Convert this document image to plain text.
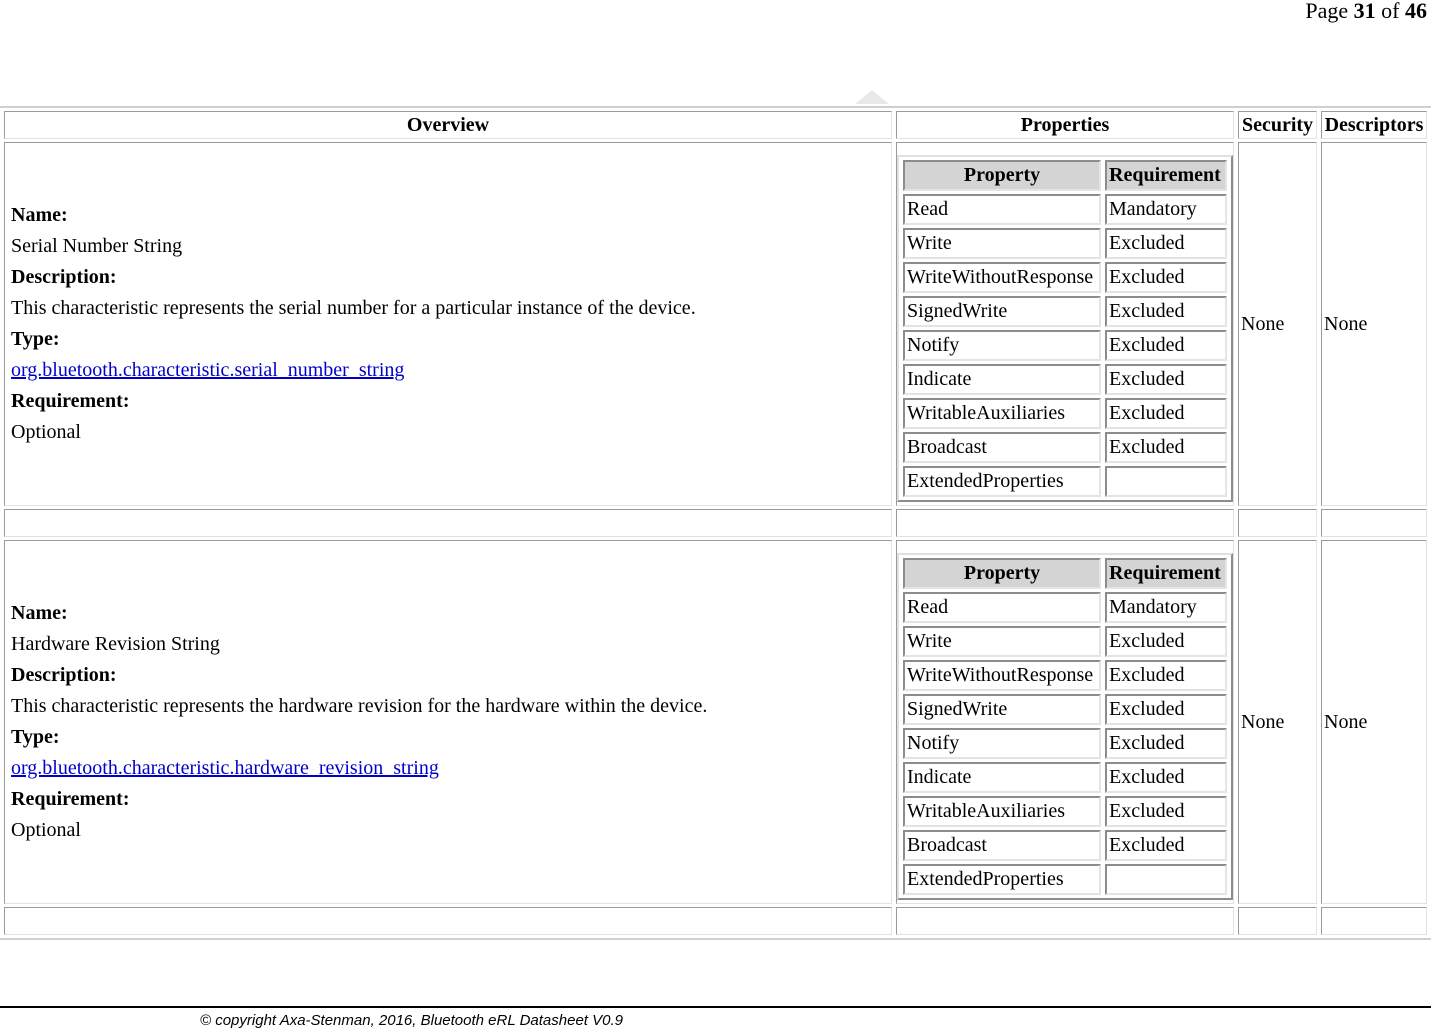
Page 31 of 46
Overview	Properties	Security	Descriptors

Name:
Serial Number String
Description:
This characteristic represents the serial number for a particular instance of the device.
Type:
org.bluetooth.characteristic.serial_number_string
Requirement:
Optional

Property	Requirement
Read	Mandatory
Write	Excluded
WriteWithoutResponse	Excluded
SignedWrite	Excluded
Notify	Excluded
Indicate	Excluded
WritableAuxiliaries	Excluded
Broadcast	Excluded
ExtendedProperties	
	None	None

Name:
Hardware Revision String
Description:
This characteristic represents the hardware revision for the hardware within the device.
Type:
org.bluetooth.characteristic.hardware_revision_string
Requirement:
Optional

Property	Requirement
Read	Mandatory
Write	Excluded
WriteWithoutResponse	Excluded
SignedWrite	Excluded
Notify	Excluded
Indicate	Excluded
WritableAuxiliaries	Excluded
Broadcast	Excluded
ExtendedProperties	
	None	None

© copyright Axa-Stenman, 2016, Bluetooth eRL Datasheet V0.9
